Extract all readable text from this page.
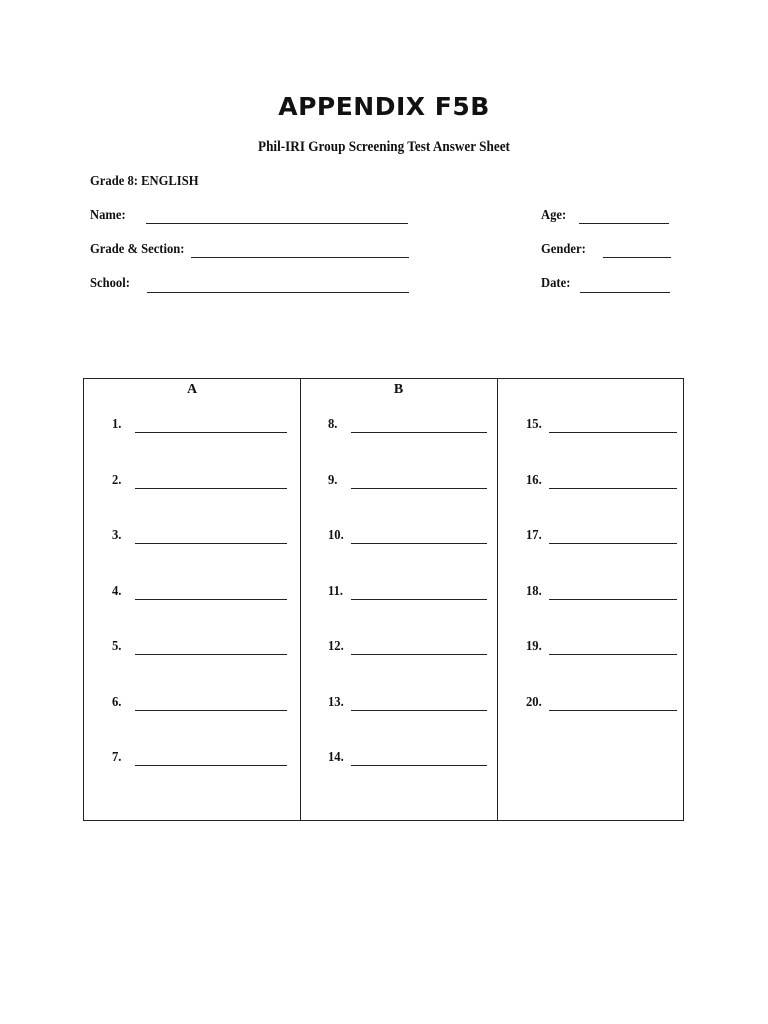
APPENDIX F5B
Phil-IRI Group Screening Test Answer Sheet
Grade 8: ENGLISH
Name:
Grade & Section:
School:
Age:
Gender:
Date:
A	B
1.
2.
3.
4.
5.
6.
7.
8.
9.
10.
11.
12.
13.
14.
15.
16.
17.
18.
19.
20.
